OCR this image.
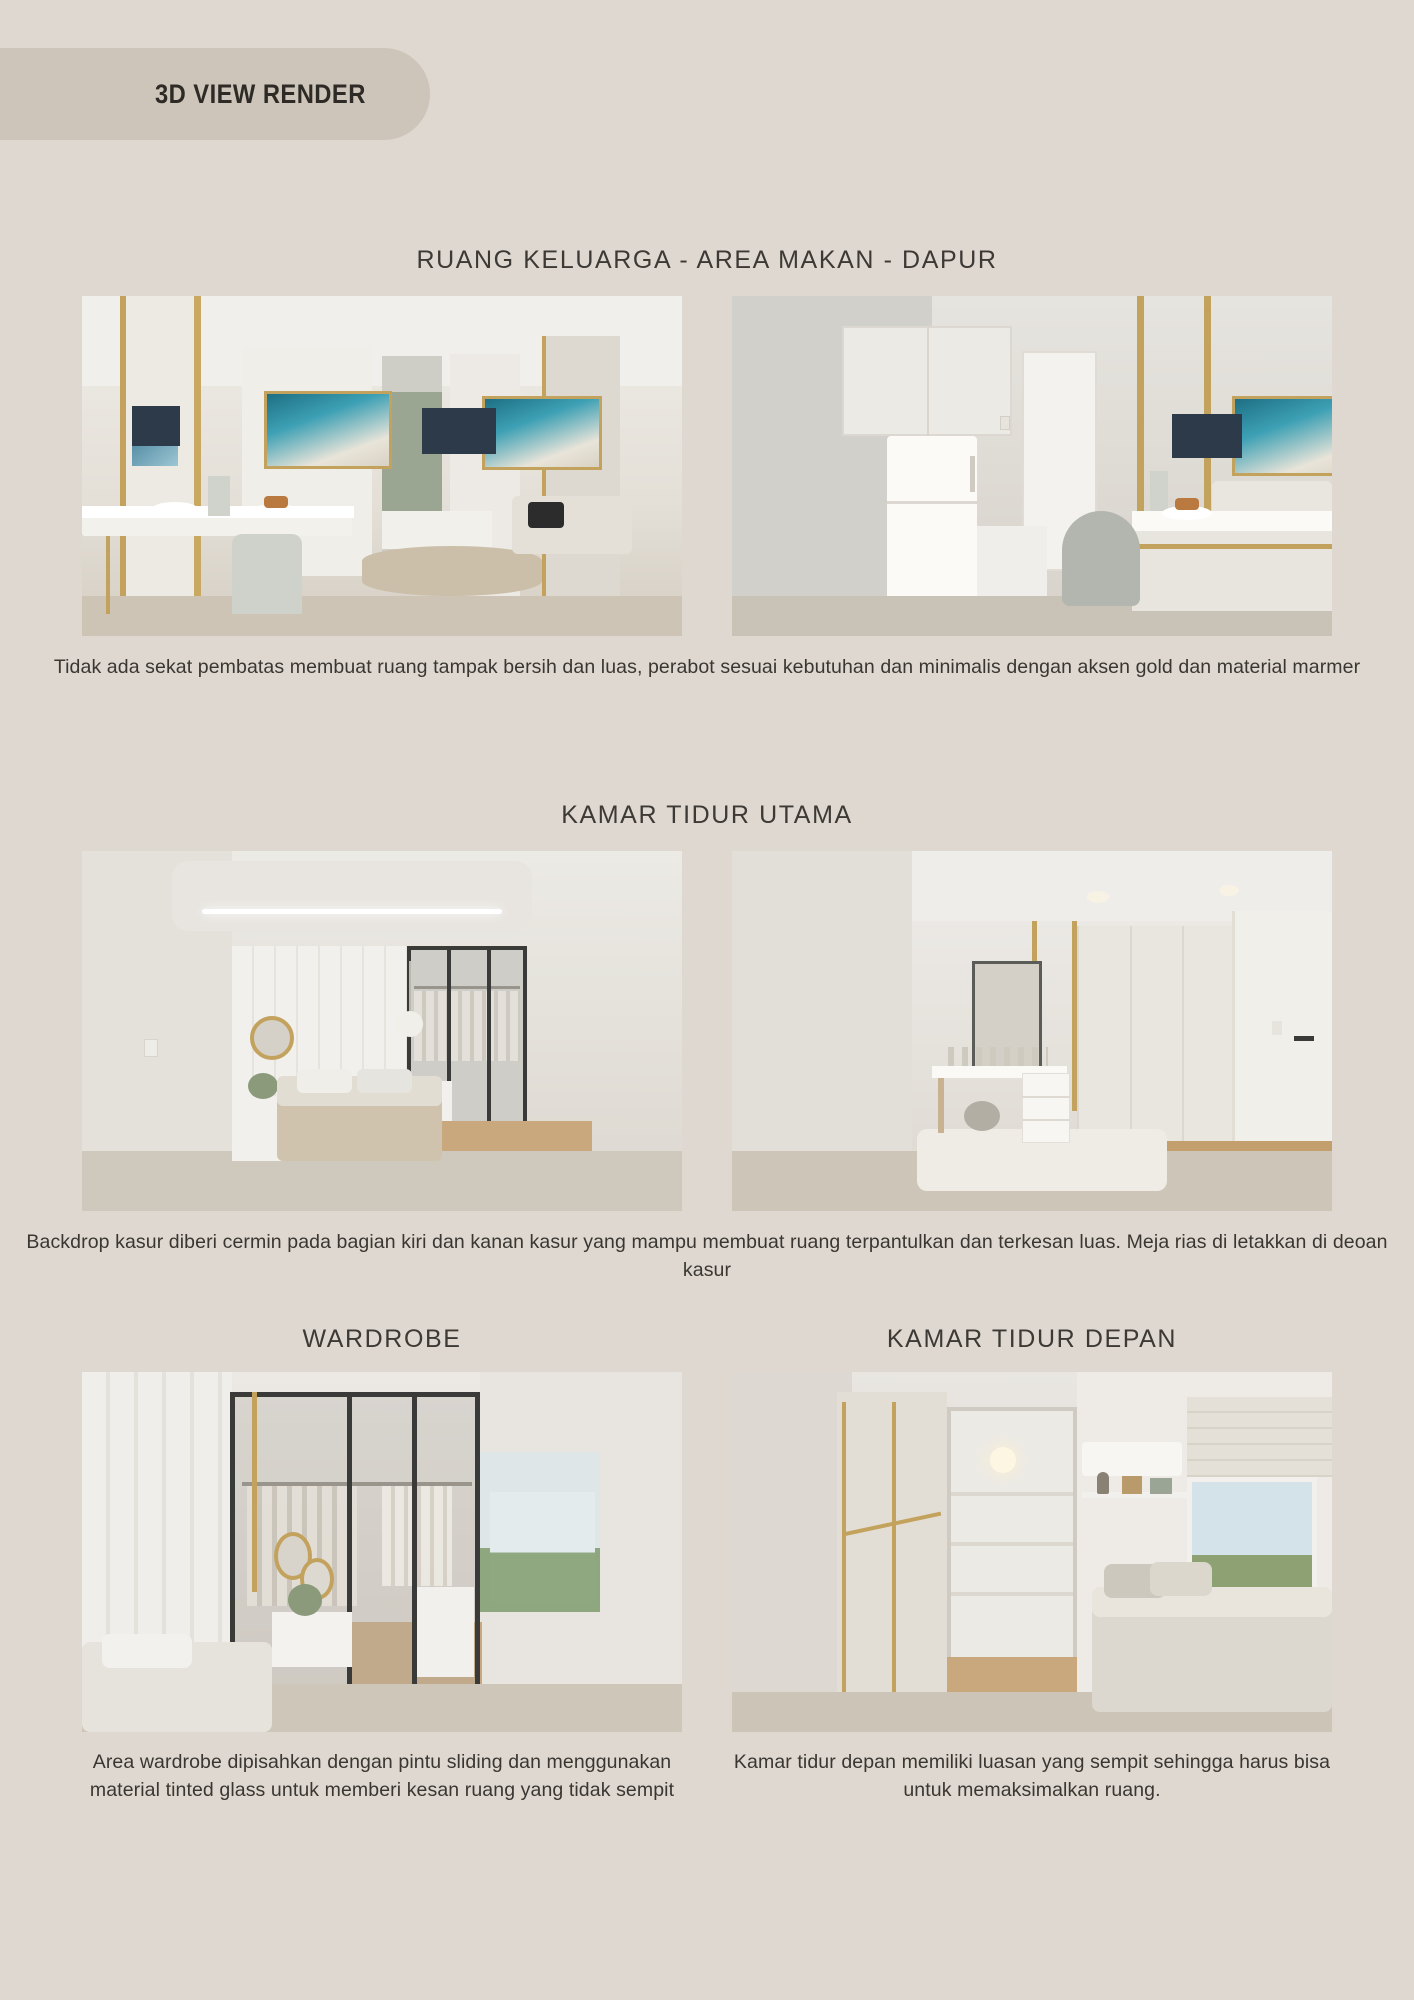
3D VIEW RENDER
RUANG KELUARGA - AREA MAKAN - DAPUR

Tidak ada sekat pembatas membuat ruang tampak bersih dan luas, perabot sesuai kebutuhan dan minimalis dengan aksen gold dan material marmer

KAMAR TIDUR UTAMA

Backdrop kasur diberi cermin pada bagian kiri dan kanan kasur yang mampu membuat ruang terpantulkan dan terkesan luas. Meja rias di letakkan di deoan kasur

WARDROBE	KAMAR TIDUR DEPAN

Area wardrobe dipisahkan dengan pintu sliding dan menggunakan material tinted glass untuk memberi kesan ruang yang tidak sempit

Kamar tidur depan memiliki luasan yang sempit sehingga harus bisa untuk memaksimalkan ruang.
